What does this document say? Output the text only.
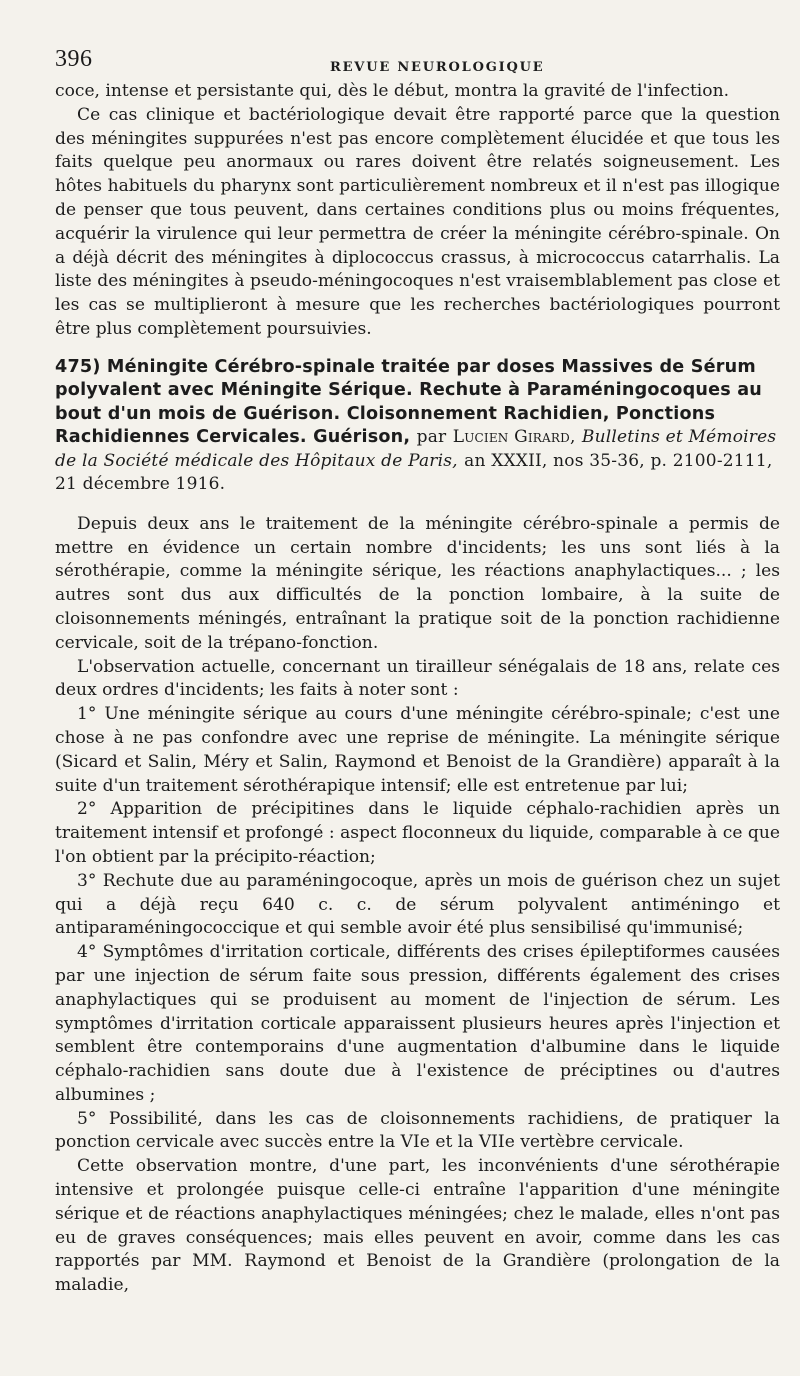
396	REVUE NEUROLOGIQUE

coce, intense et persistante qui, dès le début, montra la gravité de l'infection.

Ce cas clinique et bactériologique devait être rapporté parce que la question des méningites suppurées n'est pas encore complètement élucidée et que tous les faits quelque peu anormaux ou rares doivent être relatés soigneusement. Les hôtes habituels du pharynx sont particulièrement nombreux et il n'est pas illogique de penser que tous peuvent, dans certaines conditions plus ou moins fréquentes, acquérir la virulence qui leur permettra de créer la méningite cérébro-spinale. On a déjà décrit des méningites à diplococcus crassus, à micrococcus catarrhalis. La liste des méningites à pseudo-méningocoques n'est vraisemblablement pas close et les cas se multiplieront à mesure que les recherches bactériologiques pourront être plus complètement poursuivies.

475) Méningite Cérébro-spinale traitée par doses Massives de Sérum polyvalent avec Méningite Sérique. Rechute à Paraméningocoques au bout d'un mois de Guérison. Cloisonnement Rachidien, Ponctions Rachidiennes Cervicales. Guérison, par Lucien Girard, Bulletins et Mémoires de la Société médicale des Hôpitaux de Paris, an XXXII, nos 35-36, p. 2100-2111, 21 décembre 1916.

Depuis deux ans le traitement de la méningite cérébro-spinale a permis de mettre en évidence un certain nombre d'incidents; les uns sont liés à la sérothérapie, comme la méningite sérique, les réactions anaphylactiques... ; les autres sont dus aux difficultés de la ponction lombaire, à la suite de cloisonnements méningés, entraînant la pratique soit de la ponction rachidienne cervicale, soit de la trépano-fonction.

L'observation actuelle, concernant un tirailleur sénégalais de 18 ans, relate ces deux ordres d'incidents; les faits à noter sont :

1° Une méningite sérique au cours d'une méningite cérébro-spinale; c'est une chose à ne pas confondre avec une reprise de méningite. La méningite sérique (Sicard et Salin, Méry et Salin, Raymond et Benoist de la Grandière) apparaît à la suite d'un traitement sérothérapique intensif; elle est entretenue par lui;

2° Apparition de précipitines dans le liquide céphalo-rachidien après un traitement intensif et profongé : aspect floconneux du liquide, comparable à ce que l'on obtient par la précipito-réaction;

3° Rechute due au paraméningocoque, après un mois de guérison chez un sujet qui a déjà reçu 640 c. c. de sérum polyvalent antiméningo et antiparaméningococcique et qui semble avoir été plus sensibilisé qu'immunisé;

4° Symptômes d'irritation corticale, différents des crises épileptiformes causées par une injection de sérum faite sous pression, différents également des crises anaphylactiques qui se produisent au moment de l'injection de sérum. Les symptômes d'irritation corticale apparaissent plusieurs heures après l'injection et semblent être contemporains d'une augmentation d'albumine dans le liquide céphalo-rachidien sans doute due à l'existence de préciptines ou d'autres albumines ;

5° Possibilité, dans les cas de cloisonnements rachidiens, de pratiquer la ponction cervicale avec succès entre la VIe et la VIIe vertèbre cervicale.

Cette observation montre, d'une part, les inconvénients d'une sérothérapie intensive et prolongée puisque celle-ci entraîne l'apparition d'une méningite sérique et de réactions anaphylactiques méningées; chez le malade, elles n'ont pas eu de graves conséquences; mais elles peuvent en avoir, comme dans les cas rapportés par MM. Raymond et Benoist de la Grandière (prolongation de la maladie,
